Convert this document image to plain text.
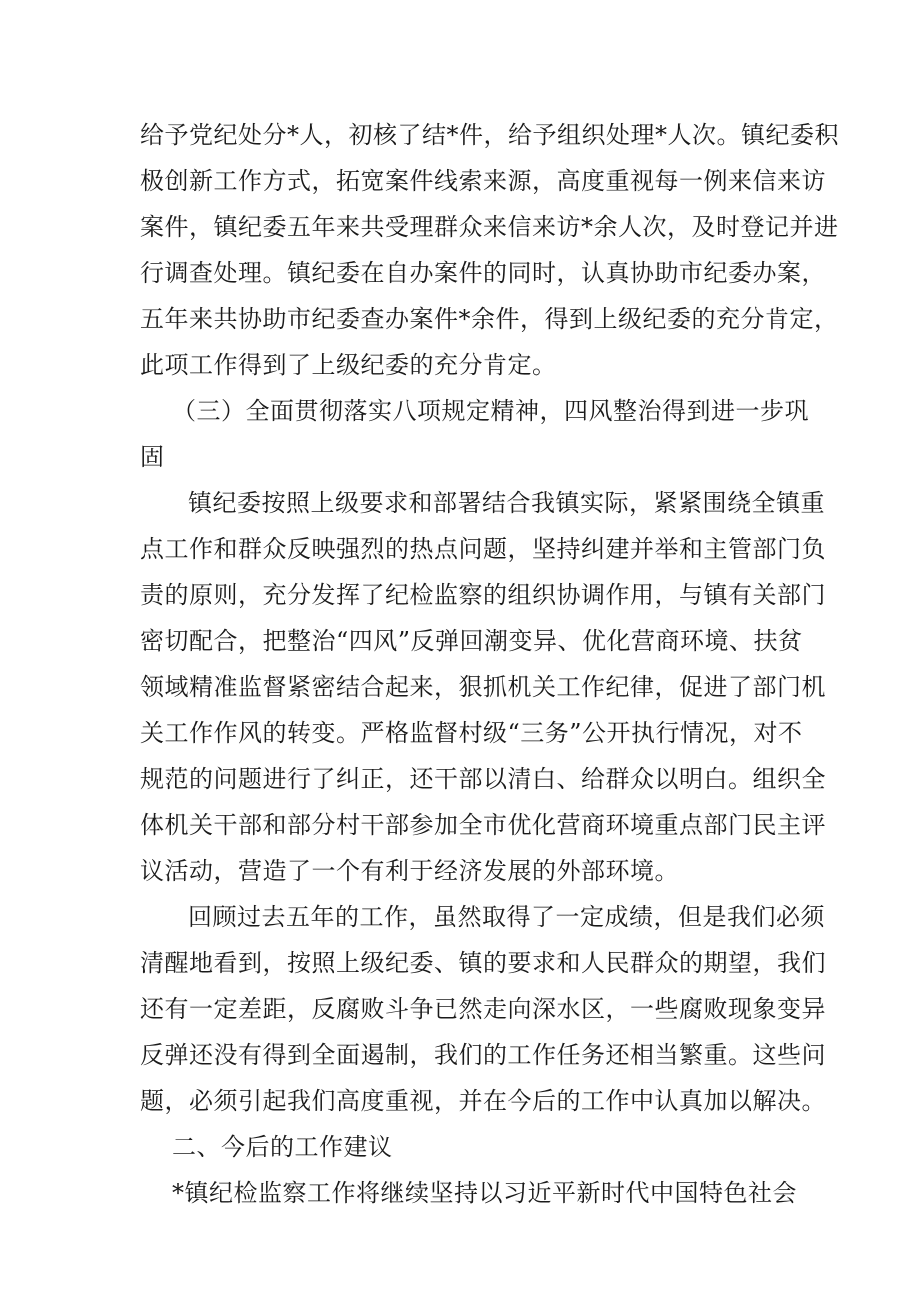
给予党纪处分*人，初核了结*件，给予组织处理*人次。镇纪委积
极创新工作方式，拓宽案件线索来源，高度重视每一例来信来访
案件，镇纪委五年来共受理群众来信来访*余人次，及时登记并进
行调查处理。镇纪委在自办案件的同时，认真协助市纪委办案，
五年来共协助市纪委查办案件*余件，得到上级纪委的充分肯定，
此项工作得到了上级纪委的充分肯定。
（三）全面贯彻落实八项规定精神，四风整治得到进一步巩
固
镇纪委按照上级要求和部署结合我镇实际，紧紧围绕全镇重
点工作和群众反映强烈的热点问题，坚持纠建并举和主管部门负
责的原则，充分发挥了纪检监察的组织协调作用，与镇有关部门
密切配合，把整治“四风”反弹回潮变异、优化营商环境、扶贫
领域精准监督紧密结合起来，狠抓机关工作纪律，促进了部门机
关工作作风的转变。严格监督村级“三务”公开执行情况，对不
规范的问题进行了纠正，还干部以清白、给群众以明白。组织全
体机关干部和部分村干部参加全市优化营商环境重点部门民主评
议活动，营造了一个有利于经济发展的外部环境。
回顾过去五年的工作，虽然取得了一定成绩，但是我们必须
清醒地看到，按照上级纪委、镇的要求和人民群众的期望，我们
还有一定差距，反腐败斗争已然走向深水区，一些腐败现象变异
反弹还没有得到全面遏制，我们的工作任务还相当繁重。这些问
题，必须引起我们高度重视，并在今后的工作中认真加以解决。
二、今后的工作建议
*镇纪检监察工作将继续坚持以习近平新时代中国特色社会
